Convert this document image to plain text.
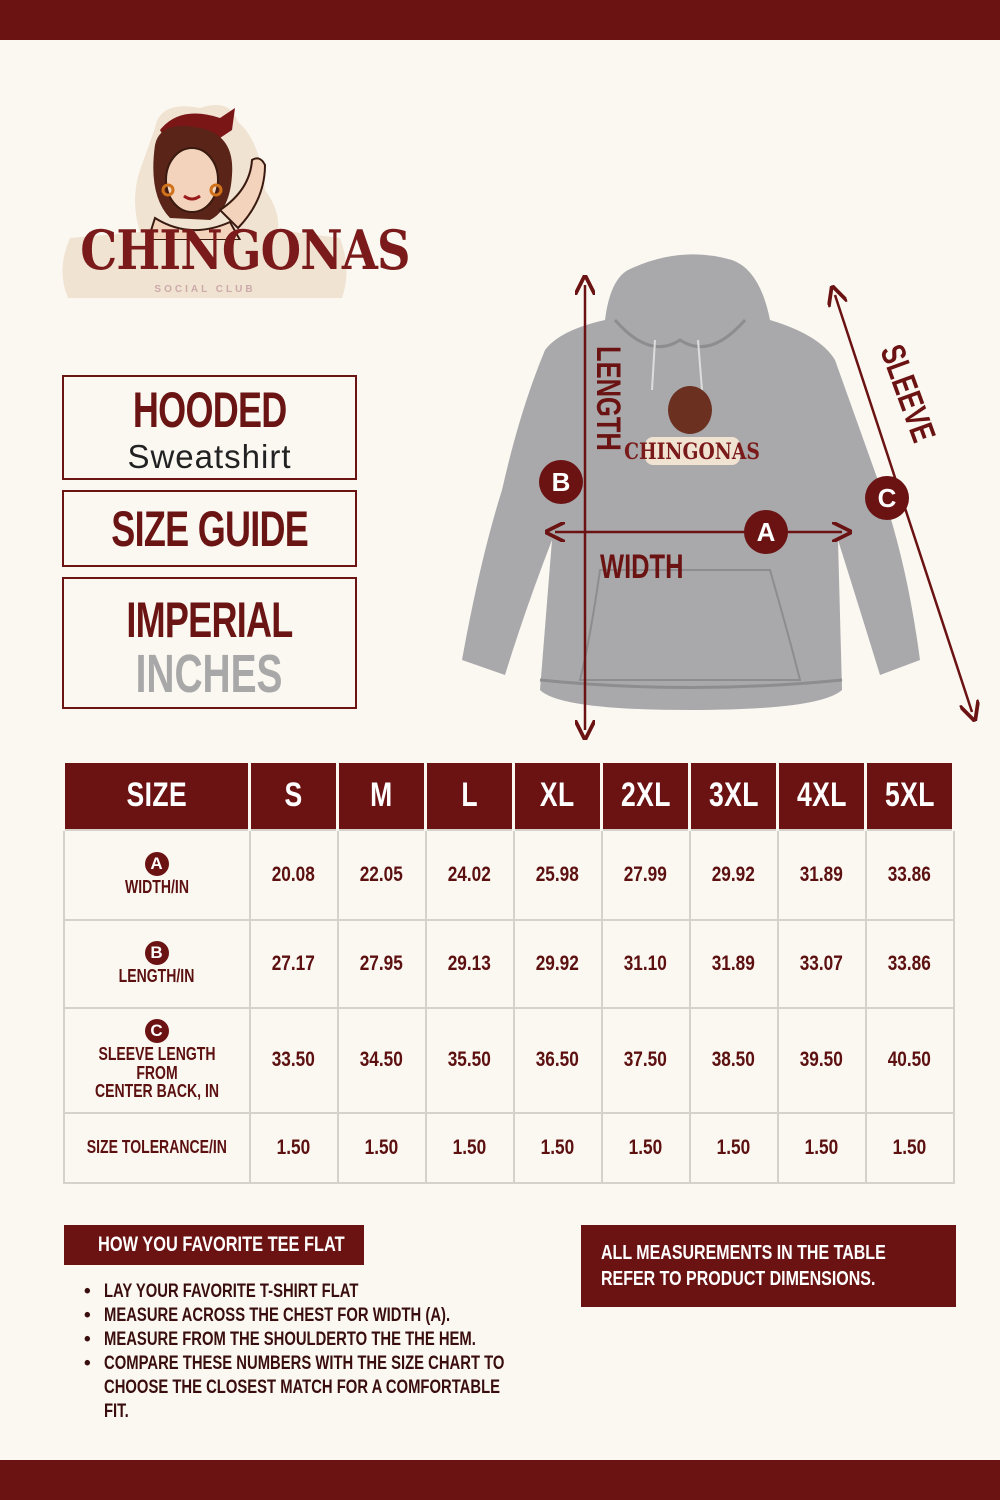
CHINGONAS
SOCIAL CLUB
HOODED
Sweatshirt
SIZE GUIDE
IMPERIAL
INCHES
CHINGONAS
B
A
C
LENGTH
WIDTH
SLEEVE
SIZE	S	M	L	XL	2XL	3XL	4XL	5XL

A
WIDTH/IN	20.08	22.05	24.02	25.98	27.99	29.92	31.89	33.86

B
LENGTH/IN	27.17	27.95	29.13	29.92	31.10	31.89	33.07	33.86

C
SLEEVE LENGTH FROM
CENTER BACK, IN	33.50	34.50	35.50	36.50	37.50	38.50	39.50	40.50

SIZE TOLERANCE/IN	1.50	1.50	1.50	1.50	1.50	1.50	1.50	1.50
HOW YOU FAVORITE TEE FLAT
• LAY YOUR FAVORITE T-SHIRT FLAT
• MEASURE ACROSS THE CHEST FOR WIDTH (A).
• MEASURE FROM THE SHOULDERTO THE THE HEM.
• COMPARE THESE NUMBERS WITH THE SIZE CHART TO CHOOSE THE CLOSEST MATCH FOR A COMFORTABLE FIT.
ALL MEASUREMENTS IN THE TABLE REFER TO PRODUCT DIMENSIONS.
